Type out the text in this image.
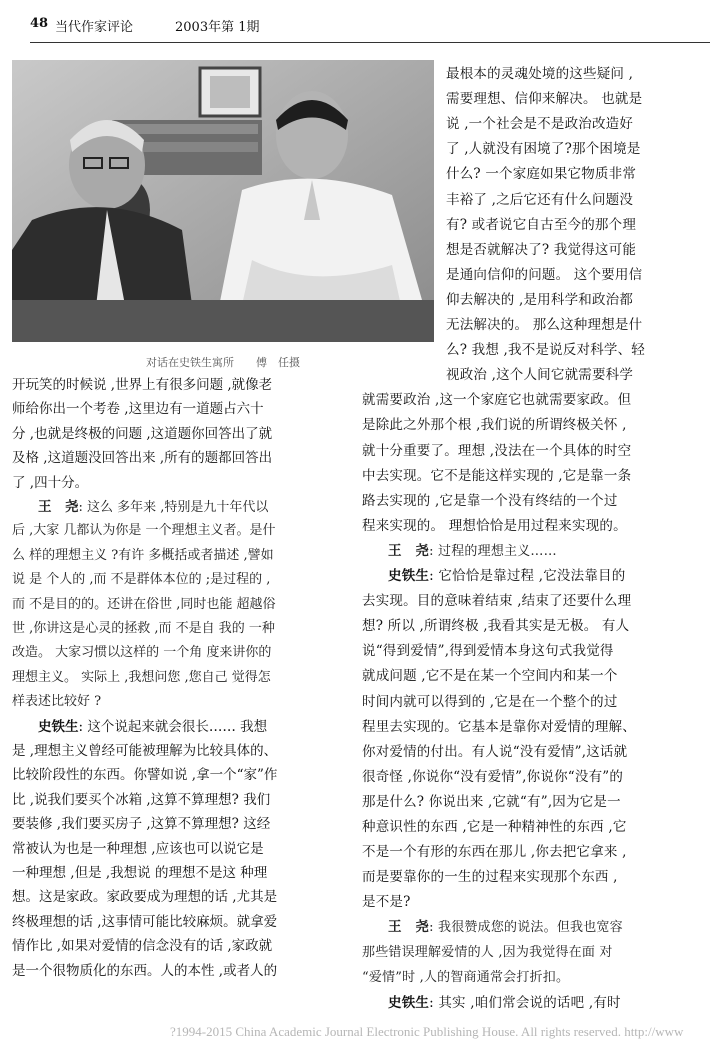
48 当代作家评论	2003年第 1期
对话在史铁生寓所　　傅　任摄
开玩笑的时候说 ,世界上有很多问题 ,就像老
师给你出一个考卷 ,这里边有一道题占六十
分 ,也就是终极的问题 ,这道题你回答出了就
及格 ,这道题没回答出来 ,所有的题都回答出
了 ,四十分。
王　尧: 这么 多年来 ,特别是九十年代以
后 ,大家 几都认为你是 一个理想主义者。是什
么 样的理想主义 ?有许 多概括或者描述 ,譬如
说 是 个人的 ,而 不是群体本位的 ;是过程的 ,
而 不是目的的。还讲在俗世 ,同时也能 超越俗
世 ,你讲这是心灵的拯救 ,而 不是自 我的 一种
改造。 大家习惯以这样的 一个角 度来讲你的
理想主义。 实际上 ,我想问您 ,您自己 觉得怎
样表述比较好 ?
史铁生: 这个说起来就会很长…… 我想
是 ,理想主义曾经可能被理解为比较具体的、
比较阶段性的东西。你譬如说 ,拿一个“家”作
比 ,说我们要买个冰箱 ,这算不算理想? 我们
要装修 ,我们要买房子 ,这算不算理想? 这经
常被认为也是一种理想 ,应该也可以说它是
一种理想 ,但是 ,我想说 的理想不是这 种理
想。这是家政。家政要成为理想的话 ,尤其是
终极理想的话 ,这事情可能比较麻烦。就拿爱
情作比 ,如果对爱情的信念没有的话 ,家政就
是一个很物质化的东西。人的本性 ,或者人的
最根本的灵魂处境的这些疑问 ,
需要理想、信仰来解决。 也就是
说 ,一个社会是不是政治改造好
了 ,人就没有困境了?那个困境是
什么? 一个家庭如果它物质非常
丰裕了 ,之后它还有什么问题没
有? 或者说它自古至今的那个理
想是否就解决了? 我觉得这可能
是通向信仰的问题。 这个要用信
仰去解决的 ,是用科学和政治都
无法解决的。 那么这种理想是什
么? 我想 ,我不是说反对科学、轻
视政治 ,这个人间它就需要科学
就需要政治 ,这一个家庭它也就需要家政。但
是除此之外那个根 ,我们说的所谓终极关怀 ,
就十分重要了。理想 ,没法在一个具体的时空
中去实现。它不是能这样实现的 ,它是靠一条
路去实现的 ,它是靠一个没有终结的一个过
程来实现的。 理想恰恰是用过程来实现的。
王　尧: 过程的理想主义……
史铁生: 它恰恰是靠过程 ,它没法靠目的
去实现。目的意味着结束 ,结束了还要什么理
想? 所以 ,所谓终极 ,我看其实是无极。 有人
说“得到爱情”,得到爱情本身这句式我觉得
就成问题 ,它不是在某一个空间内和某一个
时间内就可以得到的 ,它是在一个整个的过
程里去实现的。它基本是靠你对爱情的理解、
你对爱情的付出。有人说“没有爱情”,这话就
很奇怪 ,你说你“没有爱情”,你说你“没有”的
那是什么? 你说出来 ,它就“有”,因为它是一
种意识性的东西 ,它是一种精神性的东西 ,它
不是一个有形的东西在那儿 ,你去把它拿来 ,
而是要靠你的一生的过程来实现那个东西 ,
是不是?
王　尧: 我很赞成您的说法。但我也宽容
那些错误理解爱情的人 ,因为我觉得在面 对
“爱情”时 ,人的智商通常会打折扣。
史铁生: 其实 ,咱们常会说的话吧 ,有时
?1994-2015 China Academic Journal Electronic Publishing House. All rights reserved. http://www
